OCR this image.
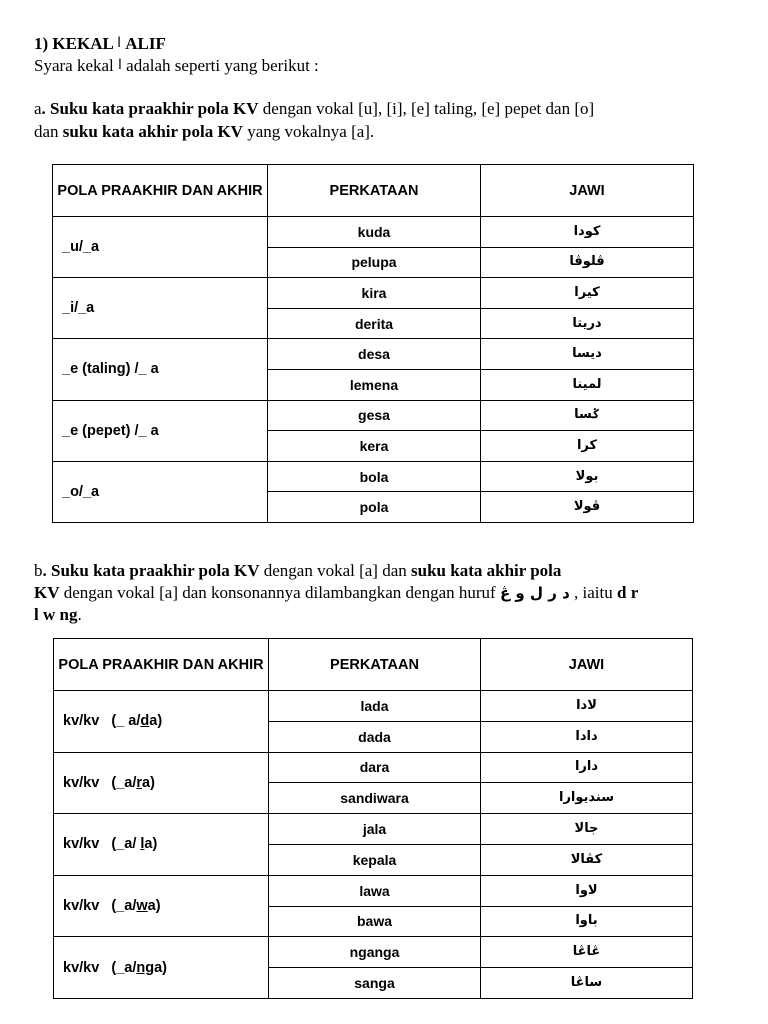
1) KEKAL ا ALIF
Syara kekal ا adalah seperti yang berikut :
a. Suku kata praakhir pola KV dengan vokal [u], [i], [e] taling, [e] pepet dan [o]
dan suku kata akhir pola KV yang vokalnya [a].
POLA PRAAKHIR DAN AKHIR	PERKATAAN	JAWI
_u/_a	kuda	کودا
	pelupa	ڤلوڤا
_i/_a	kira	کيرا
	derita	دريتا
_e (taling) /_ a	desa	ديسا
	lemena	لمينا
_e (pepet) /_ a	gesa	ݢسا
	kera	کرا
_o/_a	bola	بولا
	pola	ڤولا
b. Suku kata praakhir pola KV dengan vokal [a] dan suku kata akhir pola
KV dengan vokal [a] dan konsonannya dilambangkan dengan huruf د ر ل و ڠ , iaitu d r
l w ng.
POLA PRAAKHIR DAN AKHIR	PERKATAAN	JAWI
kv/kv   (_ a/da)	lada	لادا
	dada	دادا
kv/kv   (_a/ra)	dara	دارا
	sandiwara	سنديوارا
kv/kv   (_a/ la)	jala	جالا
	kepala	کڤالا
kv/kv   (_a/wa)	lawa	لاوا
	bawa	باوا
kv/kv   (_a/nga)	nganga	ڠاڠا
	sanga	ساڠا
